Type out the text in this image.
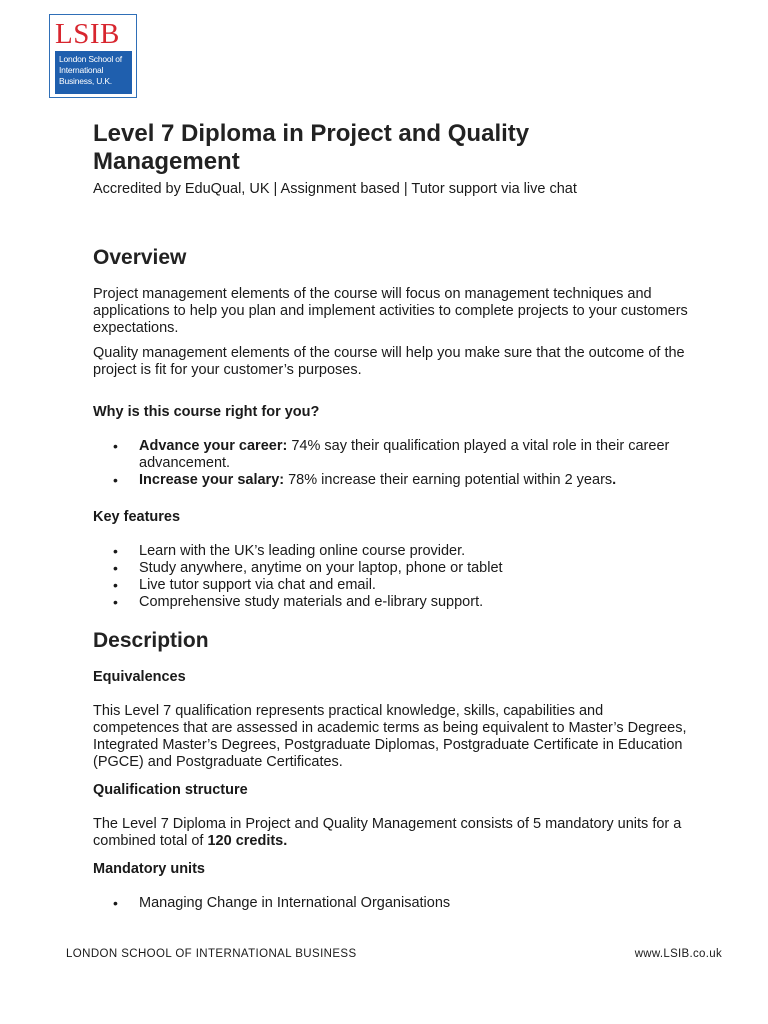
LSIB
London School of
International
Business, U.K.
Level 7 Diploma in Project and Quality
Management

Accredited by EduQual, UK | Assignment based | Tutor support via live chat

Overview

Project management elements of the course will focus on management techniques and applications to help you plan and implement activities to complete projects to your customers expectations.

Quality management elements of the course will help you make sure that the outcome of the project is fit for your customer’s purposes.

Why is this course right for you?
• Advance your career: 74% say their qualification played a vital role in their career advancement.
• Increase your salary: 78% increase their earning potential within 2 years.
Key features
• Learn with the UK’s leading online course provider.
• Study anywhere, anytime on your laptop, phone or tablet
• Live tutor support via chat and email.
• Comprehensive study materials and e-library support.
Description
Equivalences

This Level 7 qualification represents practical knowledge, skills, capabilities and competences that are assessed in academic terms as being equivalent to Master’s Degrees, Integrated Master’s Degrees, Postgraduate Diplomas, Postgraduate Certificate in Education (PGCE) and Postgraduate Certificates.

Qualification structure

The Level 7 Diploma in Project and Quality Management consists of 5 mandatory units for a combined total of 120 credits.

Mandatory units
• Managing Change in International Organisations
LONDON SCHOOL OF INTERNATIONAL BUSINESS	www.LSIB.co.uk
